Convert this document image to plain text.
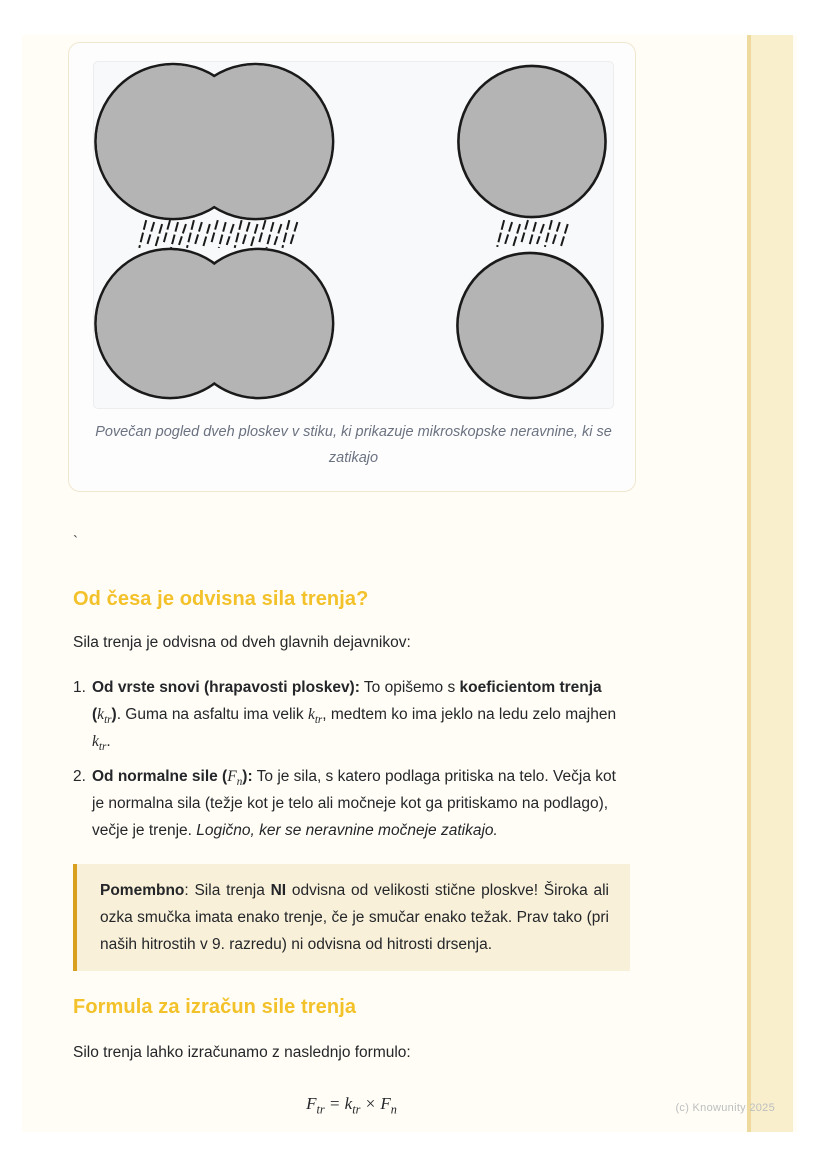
Povečan pogled dveh ploskev v stiku, ki prikazuje mikroskopske neravnine, ki se zatikajo
`
Od česa je odvisna sila trenja?

Sila trenja je odvisna od dveh glavnih dejavnikov:

1. Od vrste snovi (hrapavosti ploskev): To opišemo s koeficientom trenja $(k_{tr})$. Guma na asfaltu ima velik $k_{tr}$, medtem ko ima jeklo na ledu zelo majhen $k_{tr}$.
2. Od normalne sile $(F_n)$: To je sila, s katero podlaga pritiska na telo. Večja kot je normalna sila (težje kot je telo ali močneje kot ga pritiskamo na podlago), večje je trenje. Logično, ker se neravnine močneje zatikajo.
Pomembno: Sila trenja NI odvisna od velikosti stične ploskve! Široka ali ozka smučka imata enako trenje, če je smučar enako težak. Prav tako (pri naših hitrostih v 9. razredu) ni odvisna od hitrosti drsenja.
Formula za izračun sile trenja

Silo trenja lahko izračunamo z naslednjo formulo:

$F_{tr} = k_{tr} \times F_n$	(c) Knowunity 2025
